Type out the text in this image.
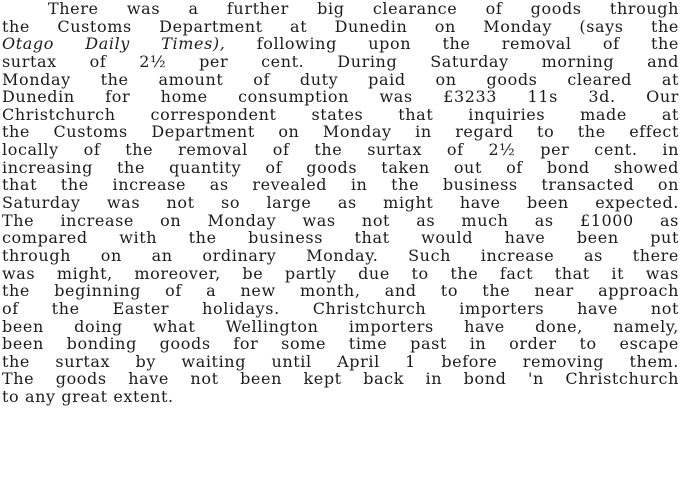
There was a further big clearance of goods through
the Customs Department at Dunedin on Monday (says the
Otago Daily Times), following upon the removal of the
surtax of 2½ per cent. During Saturday morning and
Monday the amount of duty paid on goods cleared at
Dunedin for home consumption was £3233 11s 3d. Our
Christchurch correspondent states that inquiries made at
the Customs Department on Monday in regard to the effect
locally of the removal of the surtax of 2½ per cent. in
increasing the quantity of goods taken out of bond showed
that the increase as revealed in the business transacted on
Saturday was not so large as might have been expected.
The increase on Monday was not as much as £1000 as
compared with the business that would have been put
through on an ordinary Monday. Such increase as there
was might, moreover, be partly due to the fact that it was
the beginning of a new month, and to the near approach
of the Easter holidays. Christchurch importers have not
been doing what Wellington importers have done, namely,
been bonding goods for some time past in order to escape
the surtax by waiting until April 1 before removing them.
The goods have not been kept back in bond 'n Christchurch
to any great extent.
